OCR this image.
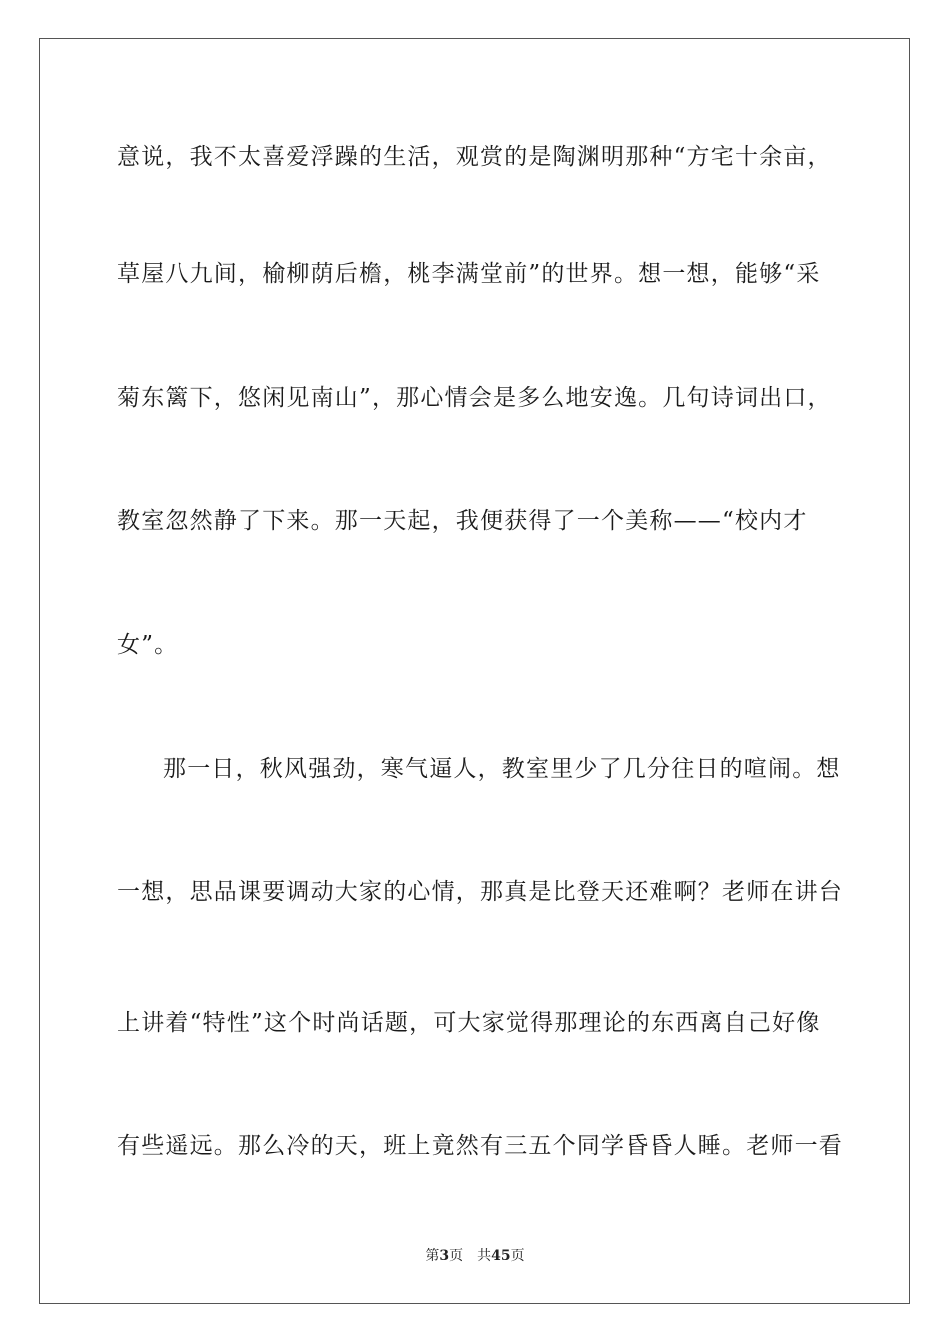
意说，我不太喜爱浮躁的生活，观赏的是陶渊明那种“方宅十余亩，
草屋八九间，榆柳荫后檐，桃李满堂前”的世界。想一想，能够“采
菊东篱下，悠闲见南山”，那心情会是多么地安逸。几句诗词出口，
教室忽然静了下来。那一天起，我便获得了一个美称——“校内才
女”。
那一日，秋风强劲，寒气逼人，教室里少了几分往日的喧闹。想
一想，思品课要调动大家的心情，那真是比登天还难啊？老师在讲台
上讲着“特性”这个时尚话题，可大家觉得那理论的东西离自己好像
有些遥远。那么冷的天，班上竟然有三五个同学昏昏人睡。老师一看
第3页 共45页
